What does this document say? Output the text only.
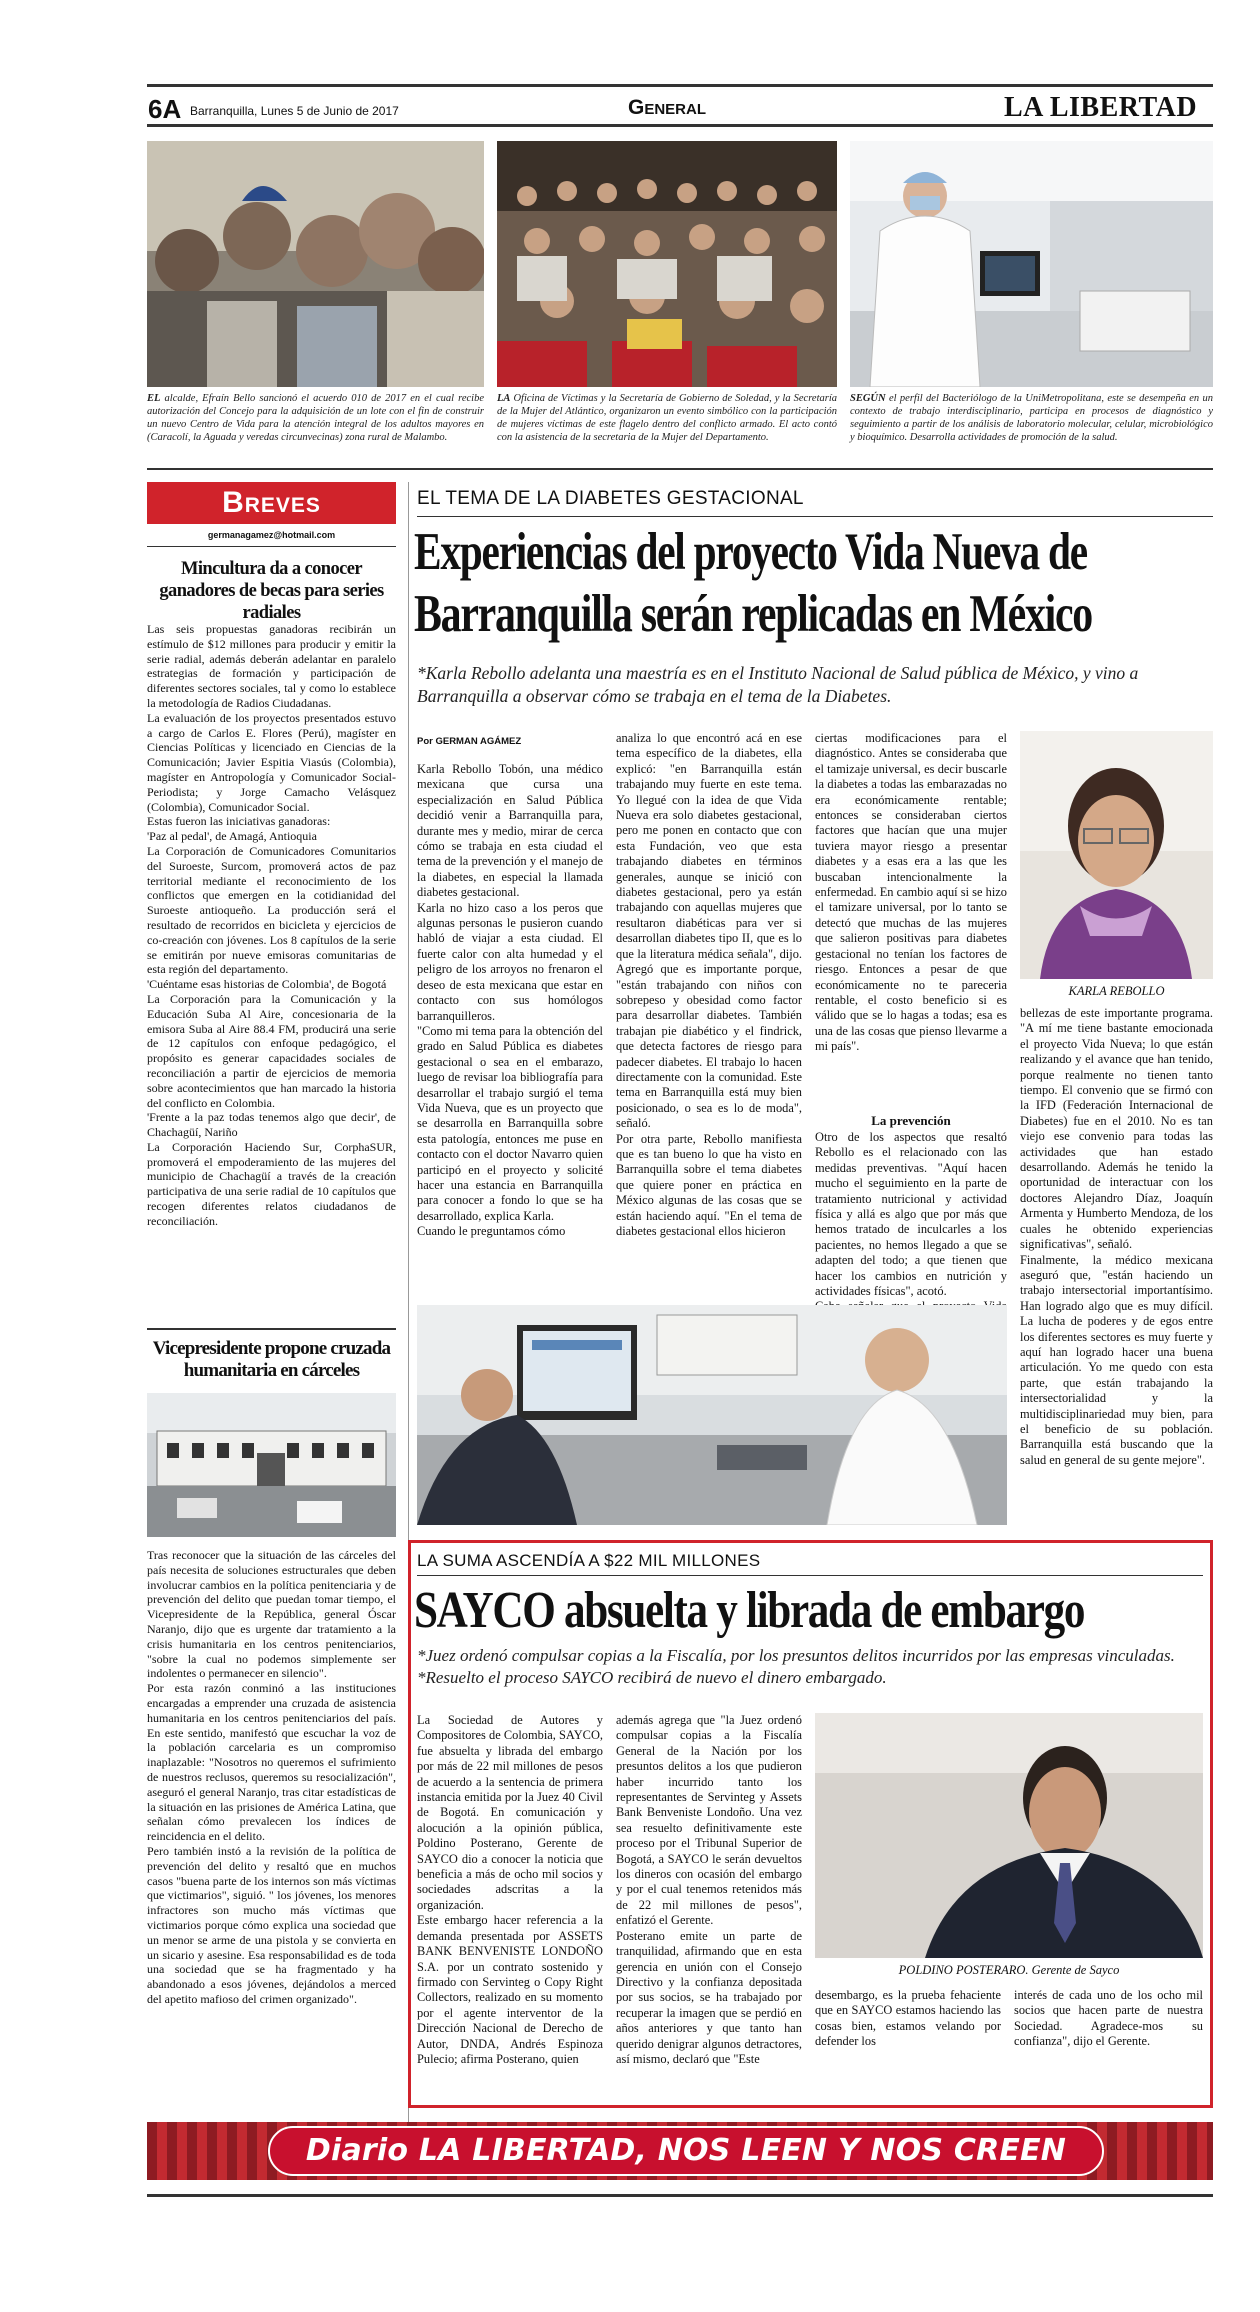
6A Barranquilla, Lunes 5 de Junio de 2017	General	LA LIBERTAD
EL alcalde, Efraín Bello sancionó el acuerdo 010 de 2017 en el cual recibe autorización del Concejo para la adquisición de un lote con el fin de construir un nuevo Centro de Vida para la atención integral de los adultos mayores en (Caracolí, la Aguada y veredas circunvecinas) zona rural de Malambo.
LA Oficina de Víctimas y la Secretaría de Gobierno de Soledad, y la Secretaría de la Mujer del Atlántico, organizaron un evento simbólico con la participación de mujeres víctimas de este flagelo dentro del conflicto armado. El acto contó con la asistencia de la secretaria de la Mujer del Departamento.
SEGÚN el perfil del Bacteriólogo de la UniMetropolitana, este se desempeña en un contexto de trabajo interdisciplinario, participa en procesos de diagnóstico y seguimiento a partir de los análisis de laboratorio molecular, celular, microbiológico y bioquímico. Desarrolla actividades de promoción de la salud.
Breves
germanagamez@hotmail.com
Mincultura da a conocer ganadores de becas para series radiales
Las seis propuestas ganadoras recibirán un estímulo de $12 millones para producir y emitir la serie radial, además deberán adelantar en paralelo estrategias de formación y participación de diferentes sectores sociales, tal y como lo establece la metodología de Radios Ciudadanas.
La evaluación de los proyectos presentados estuvo a cargo de Carlos E. Flores (Perú), magíster en Ciencias Políticas y licenciado en Ciencias de la Comunicación; Javier Espitia Viasús (Colombia), magíster en Antropología y Comunicador Social-Periodista; y Jorge Camacho Velásquez (Colombia), Comunicador Social.
Estas fueron las iniciativas ganadoras:
'Paz al pedal', de Amagá, Antioquia
La Corporación de Comunicadores Comunitarios del Suroeste, Surcom, promoverá actos de paz territorial mediante el reconocimiento de los conflictos que emergen en la cotidianidad del Suroeste antioqueño. La producción será el resultado de recorridos en bicicleta y ejercicios de co-creación con jóvenes. Los 8 capítulos de la serie se emitirán por nueve emisoras comunitarias de esta región del departamento.
'Cuéntame esas historias de Colombia', de Bogotá
La Corporación para la Comunicación y la Educación Suba Al Aire, concesionaria de la emisora Suba al Aire 88.4 FM, producirá una serie de 12 capítulos con enfoque pedagógico, el propósito es generar capacidades sociales de reconciliación a partir de ejercicios de memoria sobre acontecimientos que han marcado la historia del conflicto en Colombia.
'Frente a la paz todas tenemos algo que decir', de Chachagüí, Nariño
La Corporación Haciendo Sur, CorphaSUR, promoverá el empoderamiento de las mujeres del municipio de Chachagüí a través de la creación participativa de una serie radial de 10 capítulos que recogen diferentes relatos ciudadanos de reconciliación.
Vicepresidente propone cruzada humanitaria en cárceles
Tras reconocer que la situación de las cárceles del país necesita de soluciones estructurales que deben involucrar cambios en la política penitenciaria y de prevención del delito que puedan tomar tiempo, el Vicepresidente de la República, general Óscar Naranjo, dijo que es urgente dar tratamiento a la crisis humanitaria en los centros penitenciarios, "sobre la cual no podemos simplemente ser indolentes o permanecer en silencio".
Por esta razón conminó a las instituciones encargadas a emprender una cruzada de asistencia humanitaria en los centros penitenciarios del país. En este sentido, manifestó que escuchar la voz de la población carcelaria es un compromiso inaplazable: "Nosotros no queremos el sufrimiento de nuestros reclusos, queremos su resocialización", aseguró el general Naranjo, tras citar estadísticas de la situación en las prisiones de América Latina, que señalan cómo prevalecen los índices de reincidencia en el delito.
Pero también instó a la revisión de la política de prevención del delito y resaltó que en muchos casos "buena parte de los internos son más víctimas que victimarios", siguió. " los jóvenes, los menores infractores son mucho más víctimas que victimarios porque cómo explica una sociedad que un menor se arme de una pistola y se convierta en un sicario y asesine. Esa responsabilidad es de toda una sociedad que se ha fragmentado y ha abandonado a esos jóvenes, dejándolos a merced del apetito mafioso del crimen organizado".
EL TEMA DE LA DIABETES GESTACIONAL
Experiencias del proyecto Vida Nueva de
Barranquilla serán replicadas en México
*Karla Rebollo adelanta una maestría es en el Instituto Nacional de Salud pública de México, y vino a Barranquilla a observar cómo se trabaja en el tema de la Diabetes.
Por GERMAN AGÁMEZ
Karla Rebollo Tobón, una médico mexicana que cursa una especialización en Salud Pública decidió venir a Barranquilla para, durante mes y medio, mirar de cerca cómo se trabaja en esta ciudad el tema de la prevención y el manejo de la diabetes, en especial la llamada diabetes gestacional.
Karla no hizo caso a los peros que algunas personas le pusieron cuando habló de viajar a esta ciudad. El fuerte calor con alta humedad y el peligro de los arroyos no frenaron el deseo de esta mexicana que estar en contacto con sus homólogos barranquilleros.
"Como mi tema para la obtención del grado en Salud Pública es diabetes gestacional o sea en el embarazo, luego de revisar loa bibliografía para desarrollar el trabajo surgió el tema Vida Nueva, que es un proyecto que se desarrolla en Barranquilla sobre esta patología, entonces me puse en contacto con el doctor Navarro quien participó en el proyecto y solicité hacer una estancia en Barranquilla para conocer a fondo lo que se ha desarrollado, explica Karla.
Cuando le preguntamos cómo
analiza lo que encontró acá en ese tema específico de la diabetes, ella explicó: "en Barranquilla están trabajando muy fuerte en este tema. Yo llegué con la idea de que Vida Nueva era solo diabetes gestacional, pero me ponen en contacto que con esta Fundación, veo que esta trabajando diabetes en términos generales, aunque se inició con diabetes gestacional, pero ya están trabajando con aquellas mujeres que resultaron diabéticas para ver si desarrollan diabetes tipo II, que es lo que la literatura médica señala", dijo. Agregó que es importante porque, "están trabajando con niños con sobrepeso y obesidad como factor para desarrollar diabetes. También trabajan pie diabético y el findrick, que detecta factores de riesgo para padecer diabetes. El trabajo lo hacen directamente con la comunidad. Este tema en Barranquilla está muy bien posicionado, o sea es lo de moda", señaló.
Por otra parte, Rebollo manifiesta que es tan bueno lo que ha visto en Barranquilla sobre el tema diabetes que quiere poner en práctica en México algunas de las cosas que se están haciendo aquí. "En el tema de diabetes gestacional ellos hicieron
ciertas modificaciones para el diagnóstico. Antes se consideraba que el tamizaje universal, es decir buscarle la diabetes a todas las embarazadas no era económicamente rentable; entonces se consideraban ciertos factores que hacían que una mujer tuviera mayor riesgo a presentar diabetes y a esas era a las que les buscaban intencionalmente la enfermedad. En cambio aquí si se hizo el tamizare universal, por lo tanto se detectó que muchas de las mujeres que salieron positivas para diabetes gestacional no tenían los factores de riesgo. Entonces a pesar de que económicamente no te pareceria rentable, el costo beneficio si es válido que se lo hagas a todas; esa es una de las cosas que pienso llevarme a mi país".
La prevención
Otro de los aspectos que resaltó Rebollo es el relacionado con las medidas preventivas. "Aquí hacen mucho el seguimiento en la parte de tratamiento nutricional y actividad física y allá es algo que por más que hemos tratado de inculcarles a los pacientes, no hemos llegado a que se adapten del todo; a que tienen que hacer los cambios en nutrición y actividades físicas", acotó.

KARLA REBOLLO
bellezas de este importante programa. "A mí me tiene bastante emocionada el proyecto Vida Nueva; lo que están realizando y el avance que han tenido, porque realmente no tienen tanto tiempo. El convenio que se firmó con la IFD (Federación Internacional de Diabetes) fue en el 2010. No es tan viejo ese convenio para todas las actividades que han estado desarrollando. Además he tenido la oportunidad de interactuar con los doctores Alejandro Díaz, Joaquín Armenta y Humberto Mendoza, de los cuales he obtenido experiencias significativas", señaló.
Finalmente, la médico mexicana aseguró que, "están haciendo un trabajo intersectorial importantísimo. Han logrado algo que es muy difícil. La lucha de poderes y de egos entre los diferentes sectores es muy fuerte y aquí han logrado hacer una buena articulación. Yo me quedo con esta parte, que están trabajando la intersectorialidad y la multidisciplinariedad muy bien, para el beneficio de su población. Barranquilla está buscando que la salud en general de su gente mejore".
LA SUMA ASCENDÍA A $22 MIL MILLONES
SAYCO absuelta y librada de embargo
*Juez ordenó compulsar copias a la Fiscalía, por los presuntos delitos incurridos por las empresas vinculadas. *Resuelto el proceso SAYCO recibirá de nuevo el dinero embargado.
La Sociedad de Autores y Compositores de Colombia, SAYCO, fue absuelta y librada del embargo por más de 22 mil millones de pesos de acuerdo a la sentencia de primera instancia emitida por la Juez 40 Civil de Bogotá. En comunicación y alocución a la opinión pública, Poldino Posterano, Gerente de SAYCO dio a conocer la noticia que beneficia a más de ocho mil socios y sociedades adscritas a la organización.
Este embargo hacer referencia a la demanda presentada por ASSETS BANK BENVENISTE LONDOÑO S.A. por un contrato sostenido y firmado con Servinteg o Copy Right Collectors, realizado en su momento por el agente interventor de la Dirección Nacional de Derecho de Autor, DNDA, Andrés Espinoza Pulecio; afirma Posterano, quien
además agrega que "la Juez ordenó compulsar copias a la Fiscalía General de la Nación por los presuntos delitos a los que pudieron haber incurrido tanto los representantes de Servinteg y Assets Bank Benveniste Londoño. Una vez sea resuelto definitivamente este proceso por el Tribunal Superior de Bogotá, a SAYCO le serán devueltos los dineros con ocasión del embargo y por el cual tenemos retenidos más de 22 mil millones de pesos", enfatizó el Gerente.
Posterano emite un parte de tranquilidad, afirmando que en esta gerencia en unión con el Consejo Directivo y la confianza depositada por sus socios, se ha trabajado por recuperar la imagen que se perdió en años anteriores y que tanto han querido denigrar algunos detractores, así mismo, declaró que "Este
POLDINO POSTERARO. Gerente de Sayco
desembargo, es la prueba fehaciente que en SAYCO estamos haciendo las cosas bien, estamos velando por defender los
interés de cada uno de los ocho mil socios que hacen parte de nuestra Sociedad. Agradece-mos su confianza", dijo el Gerente.
Diario LA LIBERTAD, NOS LEEN Y NOS CREEN
